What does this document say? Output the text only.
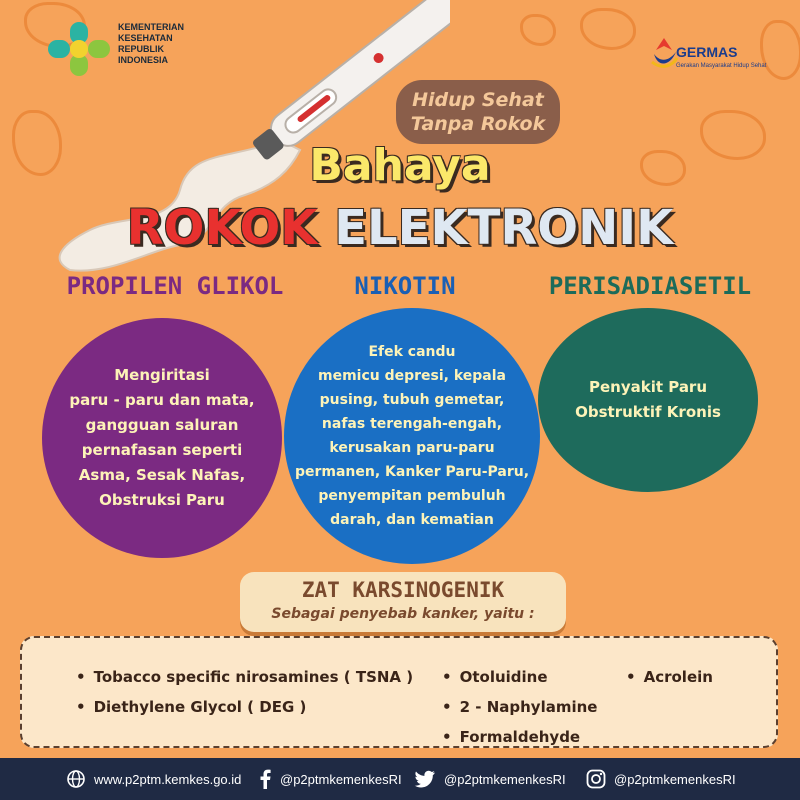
KEMENTERIAN
KESEHATAN
REPUBLIK
INDONESIA	GERMAS
Gerakan Masyarakat Hidup Sehat
Hidup Sehat
Tanpa Rokok
Bahaya
ROKOK ELEKTRONIK
PROPILEN GLIKOL	NIKOTIN	PERISADIASETIL
Mengiritasi
paru - paru dan mata,
gangguan saluran
pernafasan seperti
Asma, Sesak Nafas,
Obstruksi Paru
Efek candu
memicu depresi, kepala
pusing, tubuh gemetar,
nafas terengah-engah,
kerusakan paru-paru
permanen, Kanker Paru-Paru,
penyempitan pembuluh
darah, dan kematian
Penyakit Paru
Obstruktif Kronis
• Tobacco specific nirosamines ( TSNA )
• Diethylene Glycol ( DEG )
• Otoluidine
• 2 - Naphylamine
• Formaldehyde
• Acrolein
ZAT KARSINOGENIK
Sebagai penyebab kanker, yaitu :
www.p2ptm.kemkes.go.id	@p2ptmkemenkesRI	@p2ptmkemenkesRI	@p2ptmkemenkesRI
